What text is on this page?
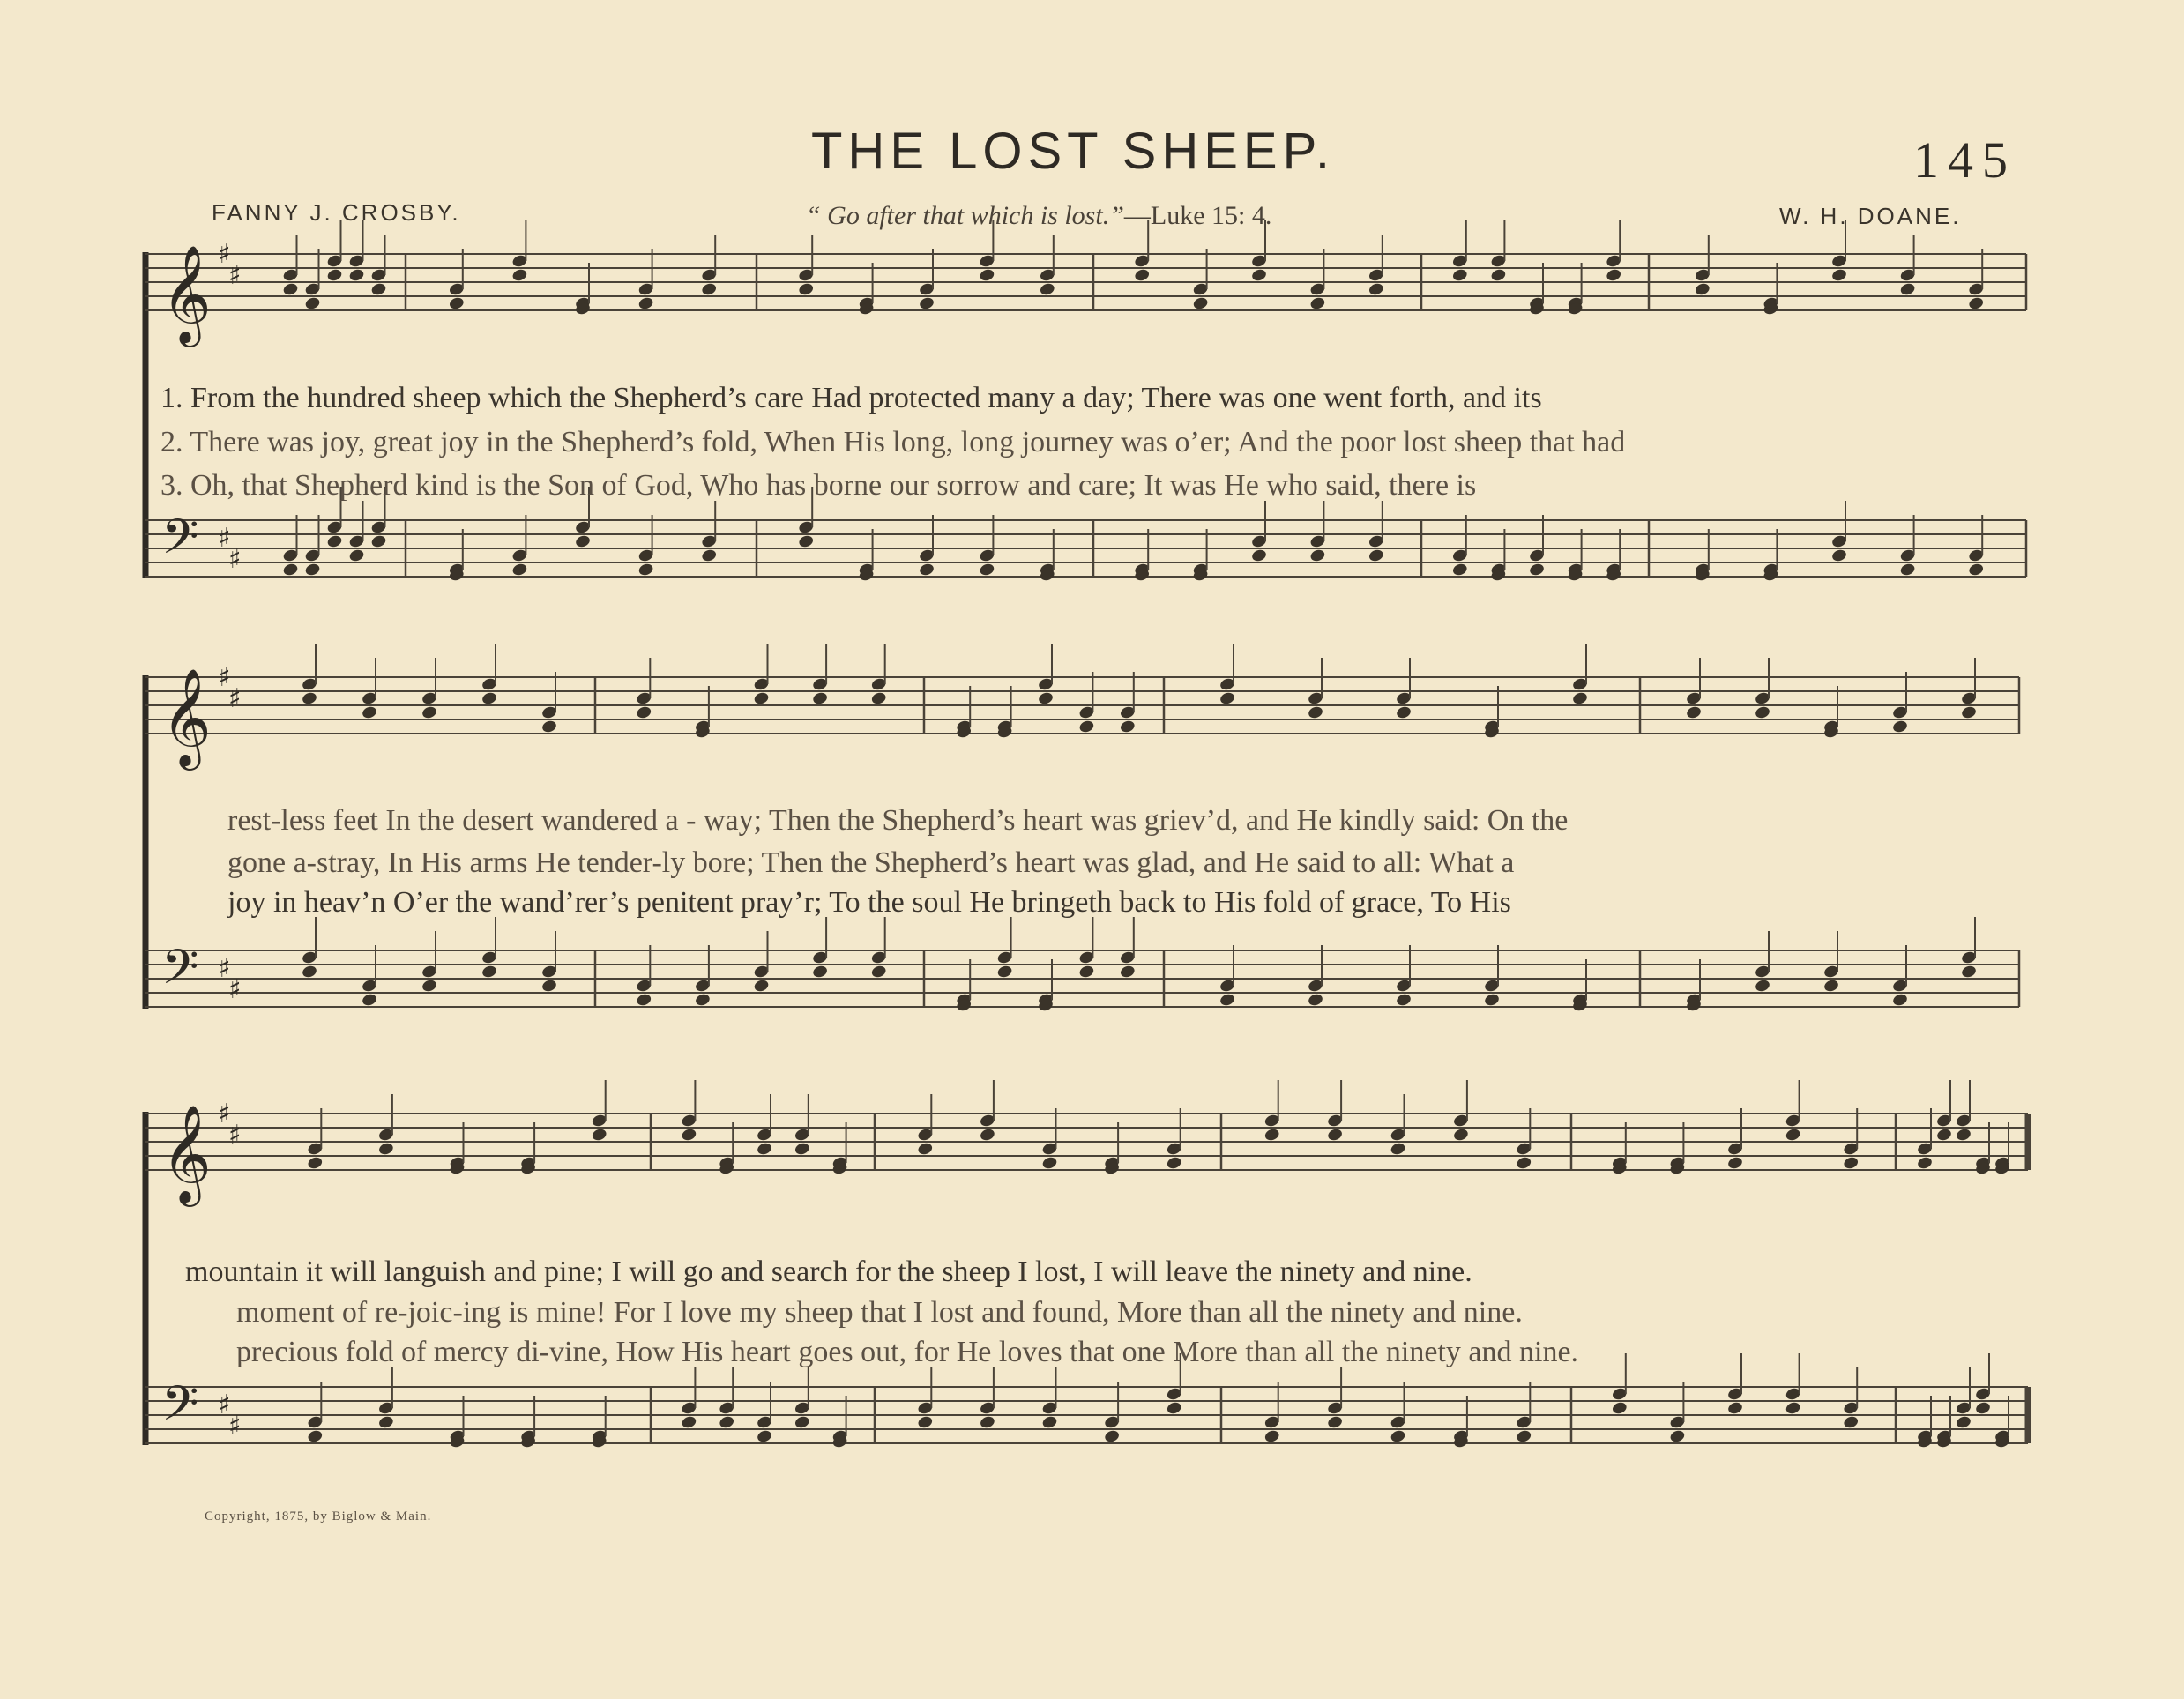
THE LOST SHEEP.	145
FANNY J. CROSBY.	“ Go after that which is lost.”—Luke 15: 4.	W. H. DOANE.
𝄞 ♯
♯
𝄢 ♯
♯
𝄞 ♯
♯
𝄢 ♯
♯
𝄞 ♯
♯
𝄢 ♯
♯
1. From the hundred sheep which the Shepherd’s care Had protected many a day; There was one went forth, and its
2. There was joy, great joy in the Shepherd’s fold, When His long, long journey was o’er; And the poor lost sheep that had
3. Oh, that Shepherd kind is the Son of God, Who has borne our sorrow and care; It was He who said, there is
rest-less feet In the desert wandered a - way; Then the Shepherd’s heart was griev’d, and He kindly said: On the
gone a-stray, In His arms He tender-ly bore; Then the Shepherd’s heart was glad, and He said to all: What a
joy in heav’n O’er the wand’rer’s penitent pray’r; To the soul He bringeth back to His fold of grace, To His
mountain it will languish and pine; I will go and search for the sheep I lost, I will leave the ninety and nine.
moment of re-joic-ing is mine! For I love my sheep that I lost and found, More than all the ninety and nine.
precious fold of mercy di-vine, How His heart goes out, for He loves that one More than all the ninety and nine.
Copyright, 1875, by Biglow & Main.
